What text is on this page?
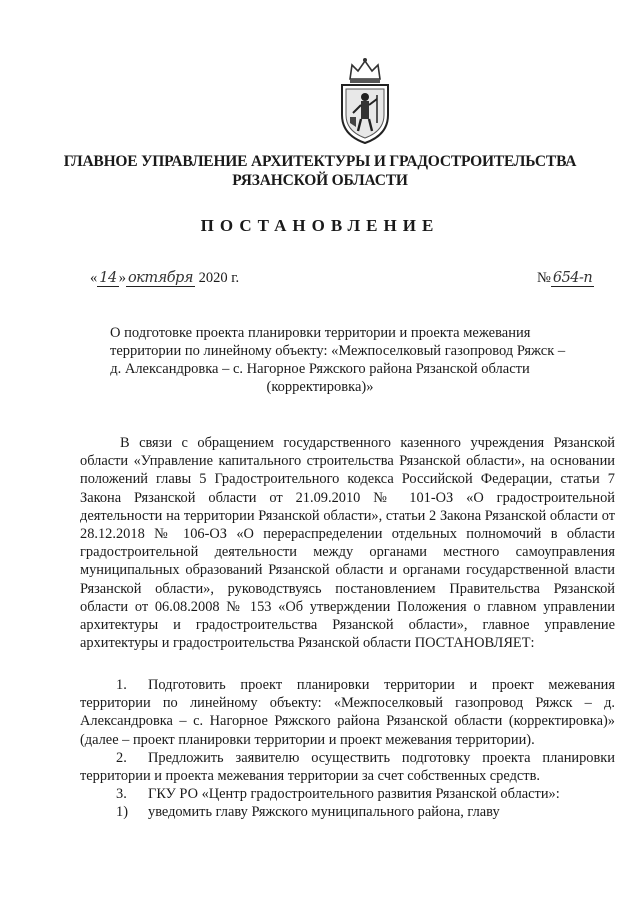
ГЛАВНОЕ УПРАВЛЕНИЕ АРХИТЕКТУРЫ И ГРАДОСТРОИТЕЛЬСТВА
РЯЗАНСКОЙ ОБЛАСТИ
ПОСТАНОВЛЕНИЕ
« 14 » октября 2020 г.	№ 654-п
О подготовке проекта планировки территории и проекта межевания
территории по линейному объекту: «Межпоселковый газопровод Ряжск –
д. Александровка – с. Нагорное Ряжского района Рязанской области
(корректировка)»
В связи с обращением государственного казенного учреждения Рязанской области «Управление капитального строительства Рязанской области», на основании положений главы 5 Градостроительного кодекса Российской Федерации, статьи 7 Закона Рязанской области от 21.09.2010 № 101-ОЗ «О градостроительной деятельности на территории Рязанской области», статьи 2 Закона Рязанской области от 28.12.2018 № 106-ОЗ «О перераспределении отдельных полномочий в области градостроительной деятельности между органами местного самоуправления муниципальных образований Рязанской области и органами государственной власти Рязанской области», руководствуясь постановлением Правительства Рязанской области от 06.08.2008 № 153 «Об утверждении Положения о главном управлении архитектуры и градостроительства Рязанской области», главное управление архитектуры и градостроительства Рязанской области ПОСТАНОВЛЯЕТ:
1. Подготовить проект планировки территории и проект межевания территории по линейному объекту: «Межпоселковый газопровод Ряжск – д. Александровка – с. Нагорное Ряжского района Рязанской области (корректировка)» (далее – проект планировки территории и проект межевания территории).
2. Предложить заявителю осуществить подготовку проекта планировки территории и проекта межевания территории за счет собственных средств.
3. ГКУ РО «Центр градостроительного развития Рязанской области»:
1) уведомить главу Ряжского муниципального района, главу
